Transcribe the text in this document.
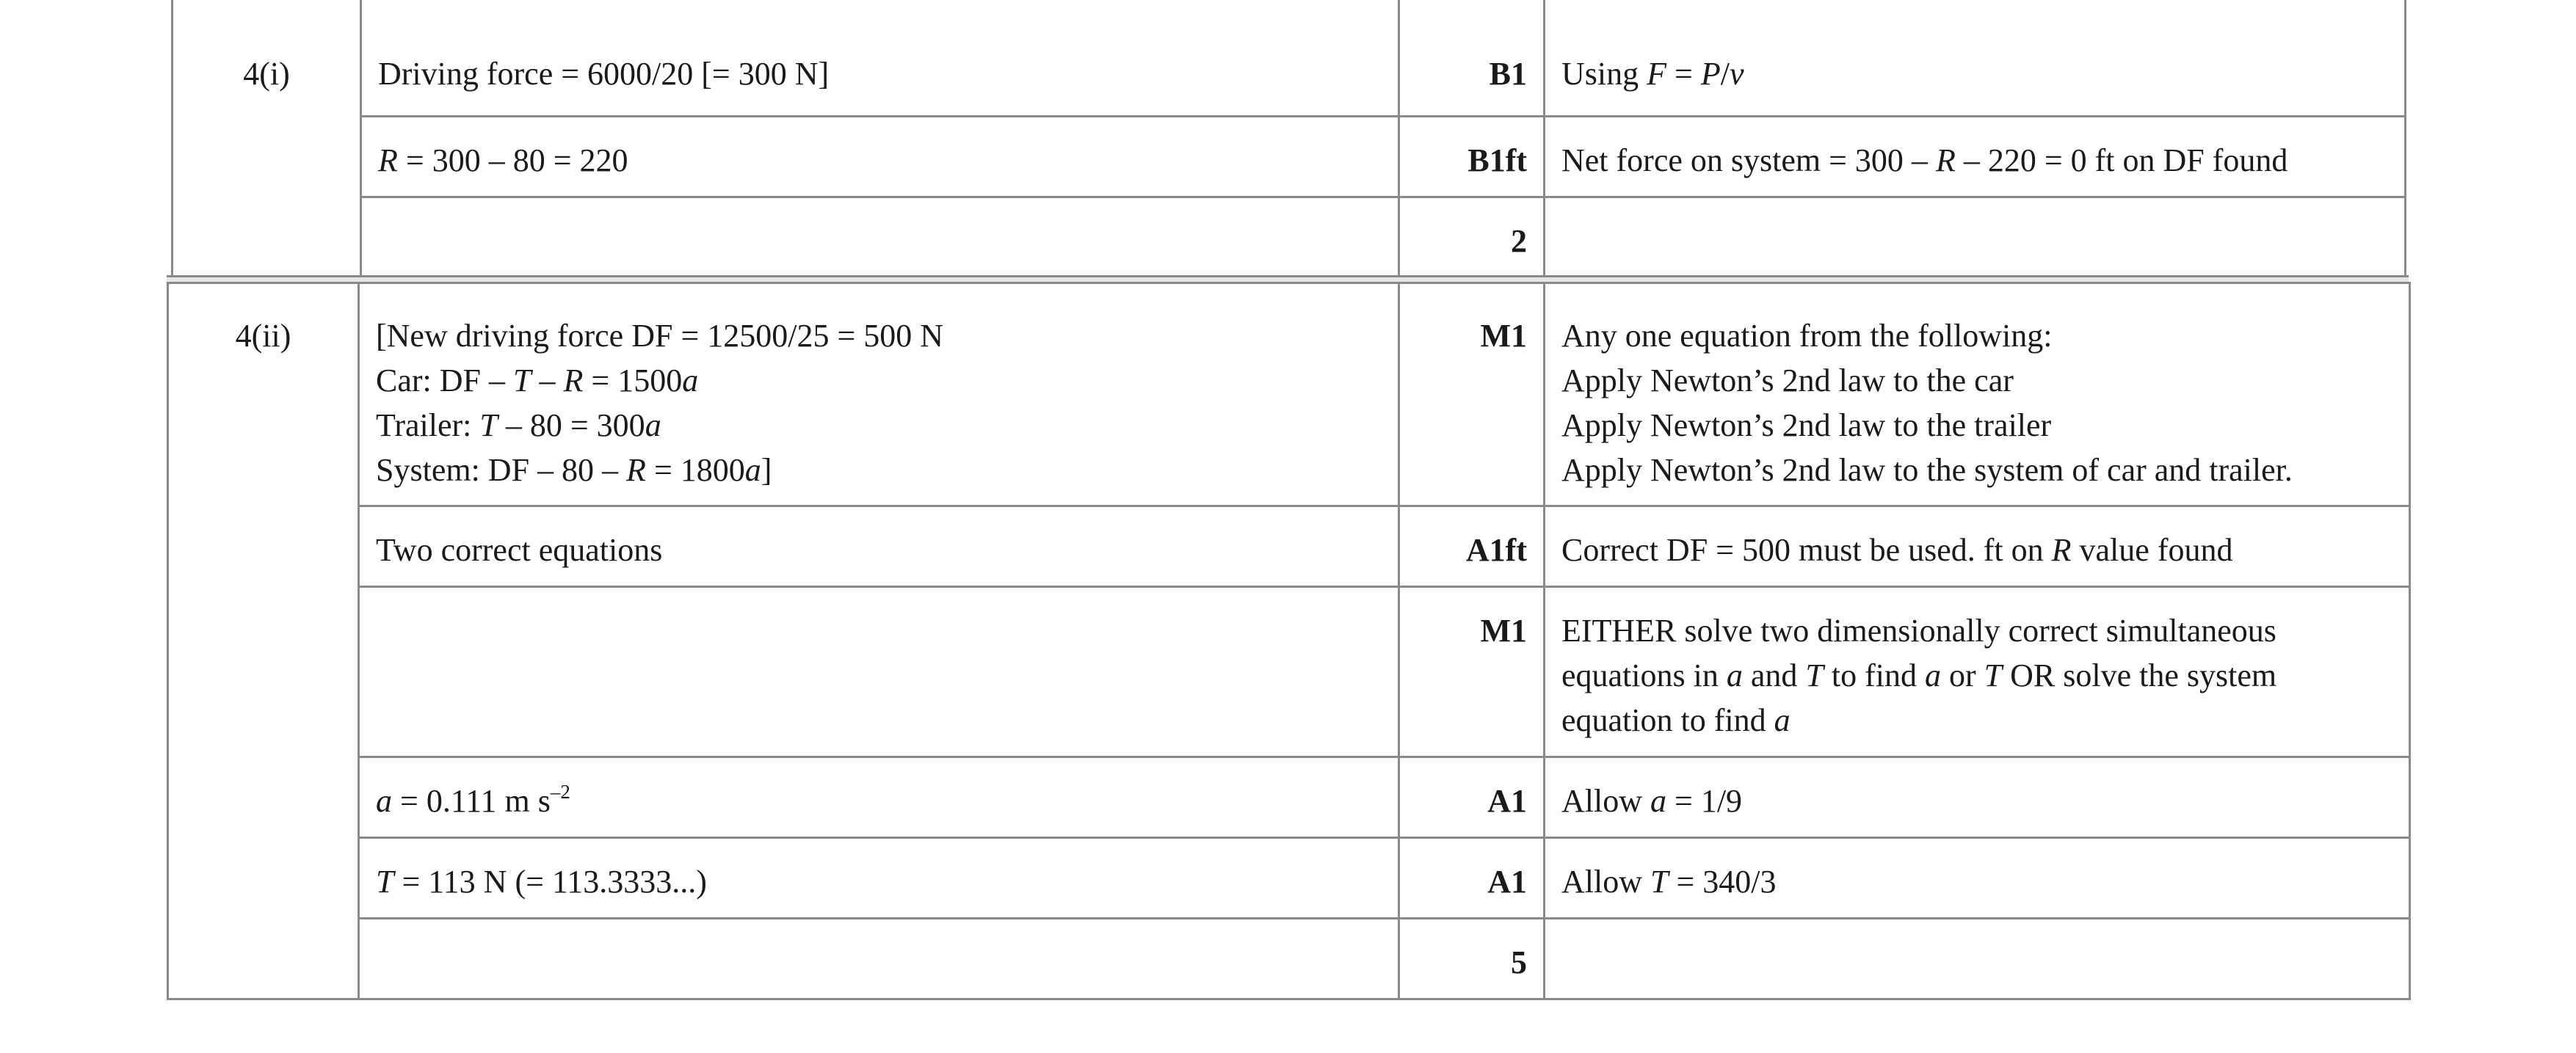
4(i)	Driving force = 6000/20 [= 300 N]	B1	Using F = P/v
	R = 300 – 80 = 220	B1ft	Net force on system = 300 – R – 220 = 0 ft on DF found
		2	
4(ii)	[New driving force DF = 12500/25 = 500 N
Car: DF – T – R = 1500a
Trailer: T – 80 = 300a
System: DF – 80 – R = 1800a]	M1	Any one equation from the following:
Apply Newton’s 2nd law to the car
Apply Newton’s 2nd law to the trailer
Apply Newton’s 2nd law to the system of car and trailer.

	Two correct equations	A1ft	Correct DF = 500 must be used. ft on R value found
		M1	EITHER solve two dimensionally correct simultaneous equations in a and T to find a or T OR solve the system equation to find a

	a = 0.111 m $s^{-2}$	A1	Allow a = 1/9
	T = 113 N (= 113.3333...)	A1	Allow T = 340/3
		5	
